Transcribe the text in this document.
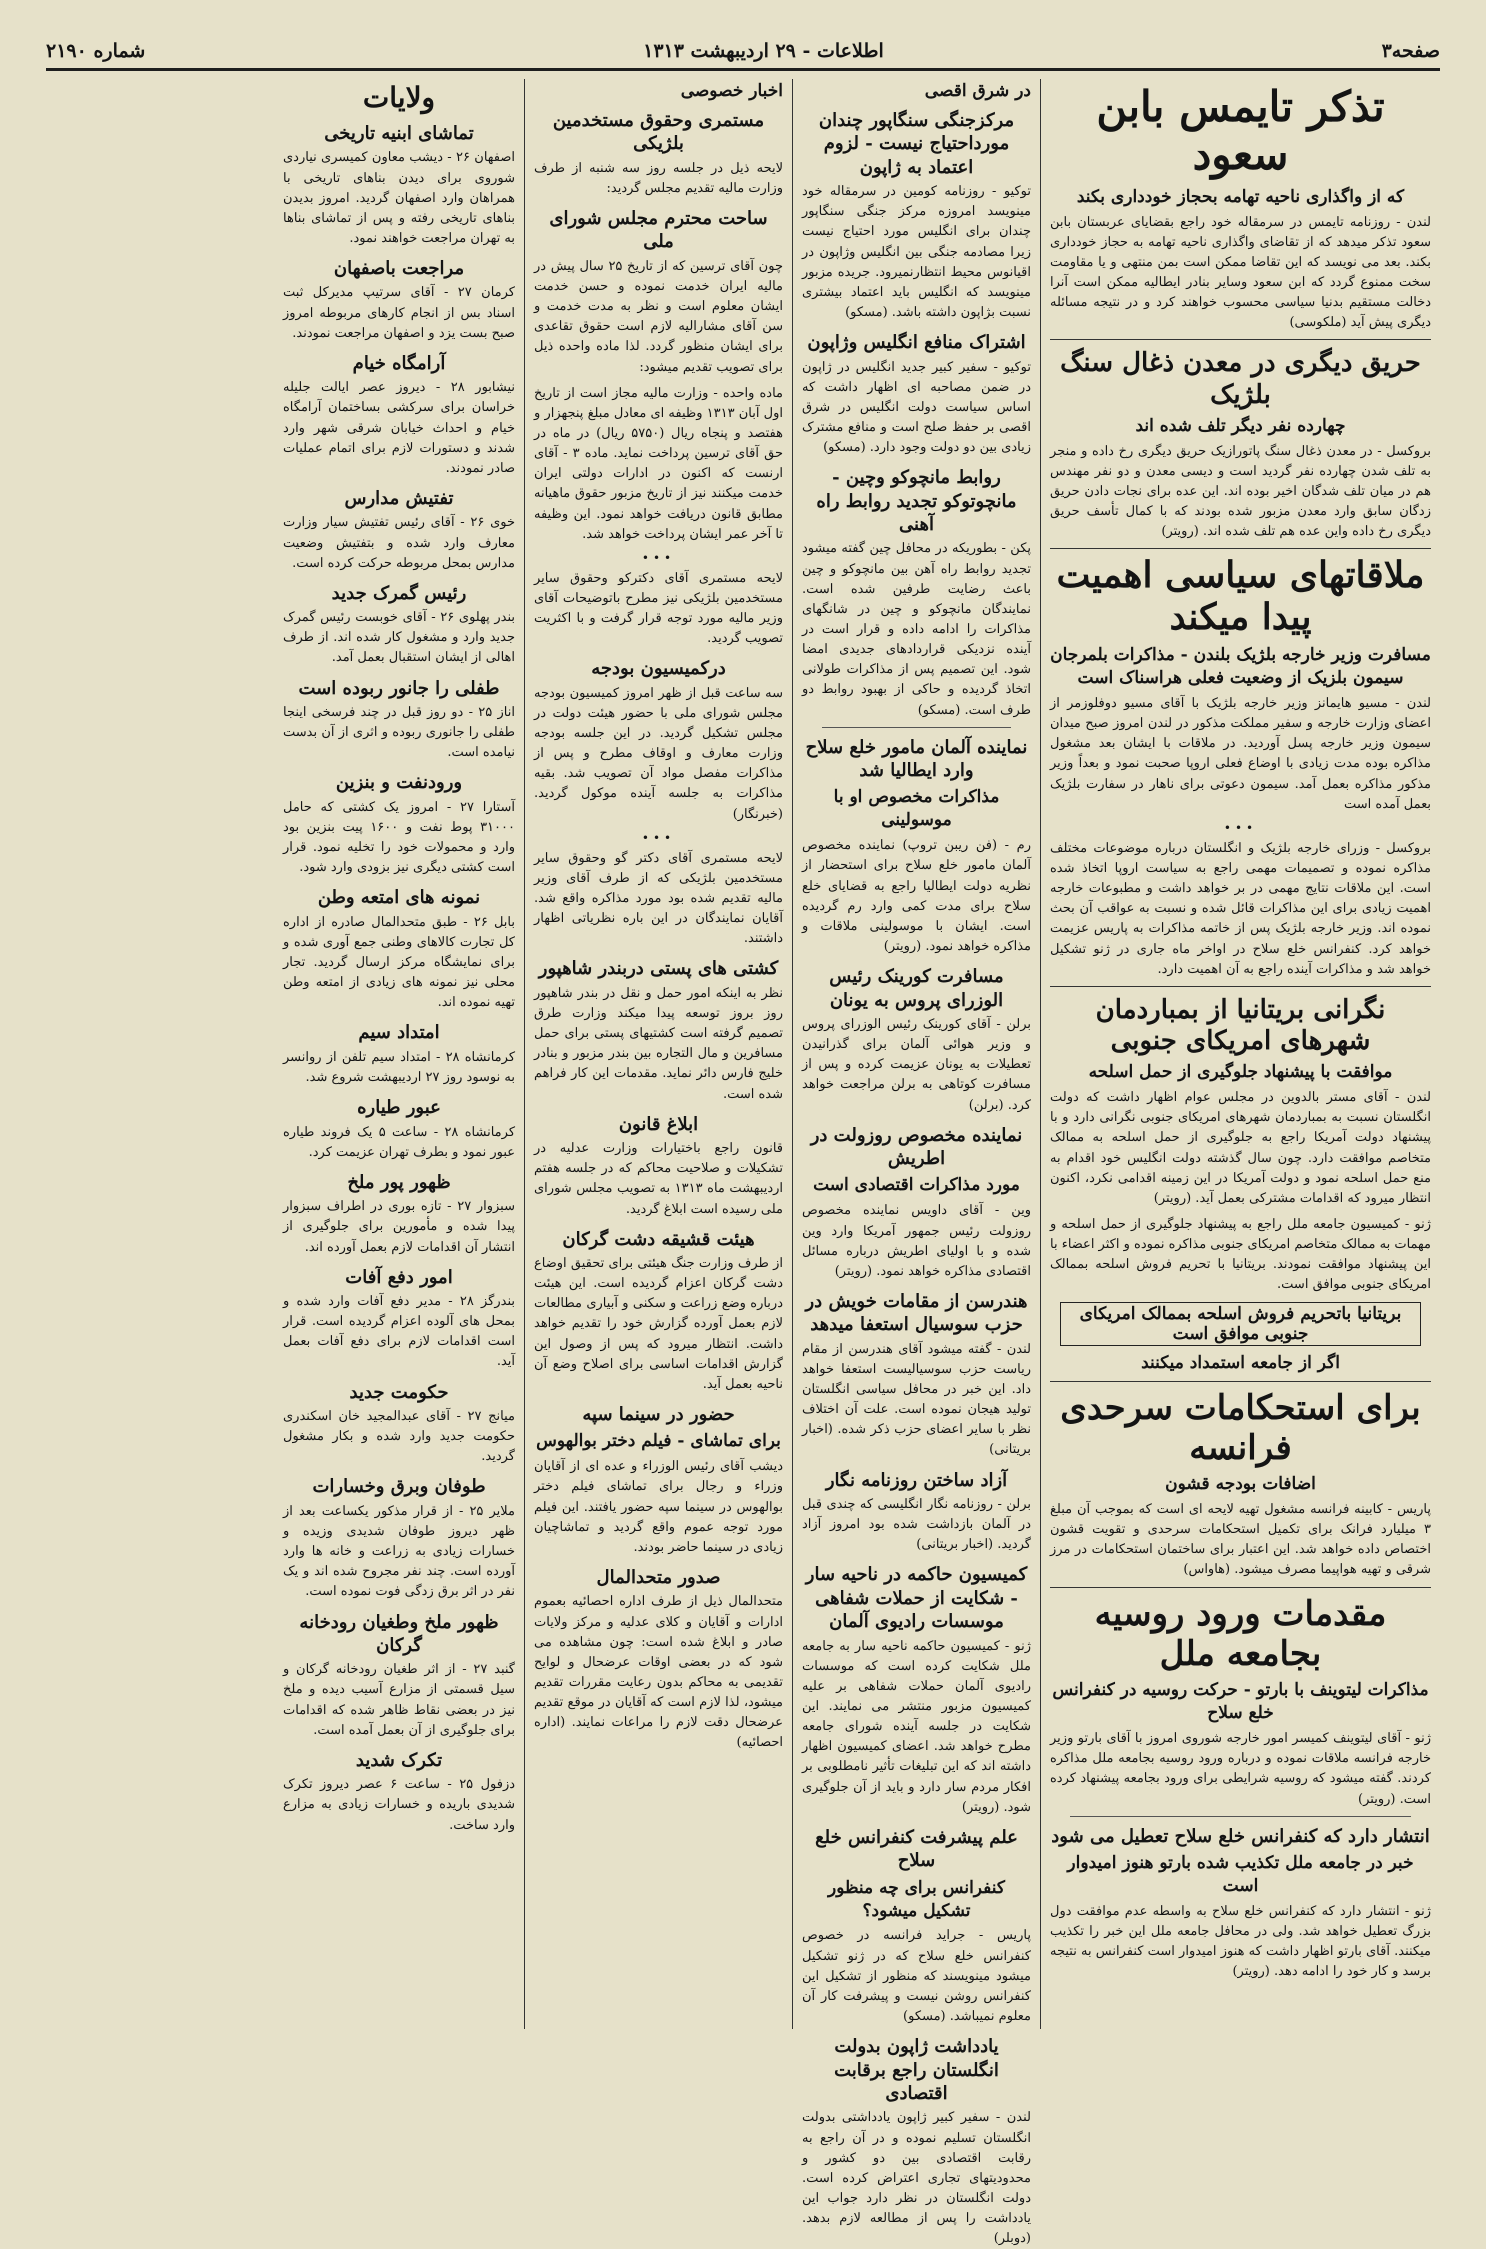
صفحه۳
اطلاعات - ۲۹ اردیبهشت ۱۳۱۳
شماره ۲۱۹۰
تذکر تایمس بابن سعود
که از واگذاری ناحیه تهامه بحجاز خودداری بکند

لندن - روزنامه تایمس در سرمقاله خود راجع بقضایای عربستان بابن سعود تذکر میدهد که از تقاضای واگذاری ناحیه تهامه به حجاز خودداری بکند. بعد می نویسد که این تقاضا ممکن است بمن منتهی و یا مقاومت سخت ممنوع گردد که ابن سعود وسایر بنادر ایطالیه ممکن است آنرا دخالت مستقیم بدنیا سیاسی محسوب خواهند کرد و در نتیجه مسائله دیگری پیش آید (ملکوسی)

حریق دیگری در معدن ذغال سنگ بلژیک
چهارده نفر دیگر تلف شده اند

بروکسل - در معدن ذغال سنگ پاتورازیک حریق دیگری رخ داده و منجر به تلف شدن چهارده نفر گردید است و دیسی معدن و دو نفر مهندس هم در میان تلف شدگان اخیر بوده اند. این عده برای نجات دادن حریق زدگان سابق وارد معدن مزبور شده بودند که با کمال تأسف حریق دیگری رخ داده واین عده هم تلف شده اند. (رویتر)

ملاقاتهای سیاسی اهمیت پیدا میکند
مسافرت وزیر خارجه بلژیک بلندن - مذاکرات بلمرجان سیمون بلزیک از وضعیت فعلی هراسناک است

لندن - مسیو هایمانز وزیر خارجه بلژیک با آقای مسیو دوفلوزمر از اعضای وزارت خارجه و سفیر مملکت مذکور در لندن امروز صبح میدان سیمون وزیر خارجه پسل آوردید. در ملاقات با ایشان بعد مشغول مذاکره بوده مدت زیادی با اوضاع فعلی اروپا صحبت نمود و بعداً وزیر مذکور مذاکره بعمل آمد. سیمون دعوتی برای ناهار در سفارت بلژیک بعمل آمده است

•••

بروکسل - وزرای خارجه بلژیک و انگلستان درباره موضوعات مختلف مذاکره نموده و تصمیمات مهمی راجع به سیاست اروپا اتخاذ شده است. این ملاقات نتایج مهمی در بر خواهد داشت و مطبوعات خارجه اهمیت زیادی برای این مذاکرات قائل شده و نسبت به عواقب آن بحث نموده اند. وزیر خارجه بلژیک پس از خاتمه مذاکرات به پاریس عزیمت خواهد کرد. کنفرانس خلع سلاح در اواخر ماه جاری در ژنو تشکیل خواهد شد و مذاکرات آینده راجع به آن اهمیت دارد.

نگرانی بریتانیا از بمباردمان شهرهای امریکای جنوبی
موافقت با پیشنهاد جلوگیری از حمل اسلحه

لندن - آقای مستر بالدوین در مجلس عوام اظهار داشت که دولت انگلستان نسبت به بمباردمان شهرهای امریکای جنوبی نگرانی دارد و با پیشنهاد دولت آمریکا راجع به جلوگیری از حمل اسلحه به ممالک متخاصم موافقت دارد. چون سال گذشته دولت انگلیس خود اقدام به منع حمل اسلحه نمود و دولت آمریکا در این زمینه اقدامی نکرد، اکنون انتظار میرود که اقدامات مشترکی بعمل آید. (رویتر)

ژنو - کمیسیون جامعه ملل راجع به پیشنهاد جلوگیری از حمل اسلحه و مهمات به ممالک متخاصم امریکای جنوبی مذاکره نموده و اکثر اعضاء با این پیشنهاد موافقت نمودند. بریتانیا با تحریم فروش اسلحه بممالک امریکای جنوبی موافق است.

بریتانیا باتحریم فروش اسلحه بممالک امریکای جنوبی موافق است
اگر از جامعه استمداد میکنند
برای استحکامات سرحدی فرانسه
اضافات بودجه قشون

پاریس - کابینه فرانسه مشغول تهیه لایحه ای است که بموجب آن مبلغ ۳ میلیارد فرانک برای تکمیل استحکامات سرحدی و تقویت قشون اختصاص داده خواهد شد. این اعتبار برای ساختمان استحکامات در مرز شرقی و تهیه هواپیما مصرف میشود. (هاواس)

مقدمات ورود روسیه بجامعه ملل
مذاکرات لیتوینف با بارتو - حرکت روسیه در کنفرانس خلع سلاح

ژنو - آقای لیتوینف کمیسر امور خارجه شوروی امروز با آقای بارتو وزیر خارجه فرانسه ملاقات نموده و درباره ورود روسیه بجامعه ملل مذاکره کردند. گفته میشود که روسیه شرایطی برای ورود بجامعه پیشنهاد کرده است. (رویتر)

انتشار دارد که کنفرانس خلع سلاح تعطیل می شود
خبر در جامعه ملل تکذیب شده بارتو هنوز امیدوار است

ژنو - انتشار دارد که کنفرانس خلع سلاح به واسطه عدم موافقت دول بزرگ تعطیل خواهد شد. ولی در محافل جامعه ملل این خبر را تکذیب میکنند. آقای بارتو اظهار داشت که هنوز امیدوار است کنفرانس به نتیجه برسد و کار خود را ادامه دهد. (رویتر)

در شرق اقصی
مرکزجنگی سنگاپور چندان مورداحتیاج نیست - لزوم اعتماد به ژاپون

توکیو - روزنامه کومین در سرمقاله خود مینویسد امروزه مرکز جنگی سنگاپور چندان برای انگلیس مورد احتیاج نیست زیرا مصادمه جنگی بین انگلیس وژاپون در اقیانوس محیط انتظارنمیرود. جریده مزبور مینویسد که انگلیس باید اعتماد بیشتری نسبت بژاپون داشته باشد. (مسکو)

اشتراک منافع انگلیس وژاپون

توکیو - سفیر کبیر جدید انگلیس در ژاپون در ضمن مصاحبه ای اظهار داشت که اساس سیاست دولت انگلیس در شرق اقصی بر حفظ صلح است و منافع مشترک زیادی بین دو دولت وجود دارد. (مسکو)

روابط مانچوکو وچین - مانچوتوکو تجدید روابط راه آهنی

پکن - بطوریکه در محافل چین گفته میشود تجدید روابط راه آهن بین مانچوکو و چین باعث رضایت طرفین شده است. نمایندگان مانچوکو و چین در شانگهای مذاکرات را ادامه داده و قرار است در آینده نزدیکی قراردادهای جدیدی امضا شود. این تصمیم پس از مذاکرات طولانی اتخاذ گردیده و حاکی از بهبود روابط دو طرف است. (مسکو)

نماینده آلمان مامور خلع سلاح وارد ایطالیا شد
مذاکرات مخصوص او با موسولینی

رم - (فن ریبن تروپ) نماینده مخصوص آلمان مامور خلع سلاح برای استحضار از نظریه دولت ایطالیا راجع به قضایای خلع سلاح برای مدت کمی وارد رم گردیده است. ایشان با موسولینی ملاقات و مذاکره خواهد نمود. (رویتر)

مسافرت کورینک رئیس الوزرای پروس به یونان

برلن - آقای کورینک رئیس الوزرای پروس و وزیر هوائی آلمان برای گذرانیدن تعطیلات به یونان عزیمت کرده و پس از مسافرت کوتاهی به برلن مراجعت خواهد کرد. (برلن)

نماینده مخصوص روزولت در اطریش
مورد مذاکرات اقتصادی است

وین - آقای داویس نماینده مخصوص روزولت رئیس جمهور آمریکا وارد وین شده و با اولیای اطریش درباره مسائل اقتصادی مذاکره خواهد نمود. (رویتر)

هندرسن از مقامات خویش در حزب سوسیال استعفا میدهد

لندن - گفته میشود آقای هندرسن از مقام ریاست حزب سوسیالیست استعفا خواهد داد. این خبر در محافل سیاسی انگلستان تولید هیجان نموده است. علت آن اختلاف نظر با سایر اعضای حزب ذکر شده. (اخبار بریتانی)

آزاد ساختن روزنامه نگار

برلن - روزنامه نگار انگلیسی که چندی قبل در آلمان بازداشت شده بود امروز آزاد گردید. (اخبار بریتانی)

کمیسیون حاکمه در ناحیه سار - شکایت از حملات شفاهی موسسات رادیوی آلمان

ژنو - کمیسیون حاکمه ناحیه سار به جامعه ملل شکایت کرده است که موسسات رادیوی آلمان حملات شفاهی بر علیه کمیسیون مزبور منتشر می نمایند. این شکایت در جلسه آینده شورای جامعه مطرح خواهد شد. اعضای کمیسیون اظهار داشته اند که این تبلیغات تأثیر نامطلوبی بر افکار مردم سار دارد و باید از آن جلوگیری شود. (رویتر)

علم پیشرفت کنفرانس خلع سلاح
کنفرانس برای چه منظور تشکیل میشود؟

پاریس - جراید فرانسه در خصوص کنفرانس خلع سلاح که در ژنو تشکیل میشود مینویسند که منظور از تشکیل این کنفرانس روشن نیست و پیشرفت کار آن معلوم نمیباشد. (مسکو)

یادداشت ژاپون بدولت انگلستان راجع برقابت اقتصادی

لندن - سفیر کبیر ژاپون یادداشتی بدولت انگلستان تسلیم نموده و در آن راجع به رقابت اقتصادی بین دو کشور و محدودیتهای تجاری اعتراض کرده است. دولت انگلستان در نظر دارد جواب این یادداشت را پس از مطالعه لازم بدهد. (دوبلر)

اخبار خصوصی
مستمری وحقوق مستخدمین بلژیکی

لایحه ذیل در جلسه روز سه شنبه از طرف وزارت مالیه تقدیم مجلس گردید:

ساحت محترم مجلس شورای ملی

چون آقای ترسین که از تاریخ ۲۵ سال پیش در مالیه ایران خدمت نموده و حسن خدمت ایشان معلوم است و نظر به مدت خدمت و سن آقای مشارالیه لازم است حقوق تقاعدی برای ایشان منظور گردد. لذا ماده واحده ذیل برای تصویب تقدیم میشود:

ماده واحده - وزارت مالیه مجاز است از تاریخ اول آبان ۱۳۱۳ وظیفه ای معادل مبلغ پنجهزار و هفتصد و پنجاه ریال (۵۷۵۰ ریال) در ماه در حق آقای ترسین پرداخت نماید. ماده ۳ - آقای ارنست که اکنون در ادارات دولتی ایران خدمت میکنند نیز از تاریخ مزبور حقوق ماهیانه مطابق قانون دریافت خواهد نمود. این وظیفه تا آخر عمر ایشان پرداخت خواهد شد.

•••

لایحه مستمری آقای دکترکو وحقوق سایر مستخدمین بلژیکی نیز مطرح باتوضیحات آقای وزیر مالیه مورد توجه قرار گرفت و با اکثریت تصویب گردید.

درکمیسیون بودجه

سه ساعت قبل از ظهر امروز کمیسیون بودجه مجلس شورای ملی با حضور هیئت دولت در مجلس تشکیل گردید. در این جلسه بودجه وزارت معارف و اوقاف مطرح و پس از مذاکرات مفصل مواد آن تصویب شد. بقیه مذاکرات به جلسه آینده موکول گردید. (خبرنگار)

•••

لایحه مستمری آقای دکتر گو وحقوق سایر مستخدمین بلژیکی که از طرف آقای وزیر مالیه تقدیم شده بود مورد مذاکره واقع شد. آقایان نمایندگان در این باره نظریاتی اظهار داشتند.

کشتی های پستی دربندر شاهپور

نظر به اینکه امور حمل و نقل در بندر شاهپور روز بروز توسعه پیدا میکند وزارت طرق تصمیم گرفته است کشتیهای پستی برای حمل مسافرین و مال التجاره بین بندر مزبور و بنادر خلیج فارس دائر نماید. مقدمات این کار فراهم شده است.

ابلاغ قانون

قانون راجع باختیارات وزارت عدلیه در تشکیلات و صلاحیت محاکم که در جلسه هفتم اردیبهشت ماه ۱۳۱۳ به تصویب مجلس شورای ملی رسیده است ابلاغ گردید.

هیئت قشیقه دشت گرکان

از طرف وزارت جنگ هیئتی برای تحقیق اوضاع دشت گرکان اعزام گردیده است. این هیئت درباره وضع زراعت و سکنی و آبیاری مطالعات لازم بعمل آورده گزارش خود را تقدیم خواهد داشت. انتظار میرود که پس از وصول این گزارش اقدامات اساسی برای اصلاح وضع آن ناحیه بعمل آید.

حضور در سینما سپه
برای تماشای - فیلم دختر بوالهوس

دیشب آقای رئیس الوزراء و عده ای از آقایان وزراء و رجال برای تماشای فیلم دختر بوالهوس در سینما سپه حضور یافتند. این فیلم مورد توجه عموم واقع گردید و تماشاچیان زیادی در سینما حاضر بودند.

صدور متحدالمال

متحدالمال ذیل از طرف اداره احصائیه بعموم ادارات و آقایان و کلای عدلیه و مرکز ولایات صادر و ابلاغ شده است: چون مشاهده می شود که در بعضی اوقات عرضحال و لوایح تقدیمی به محاکم بدون رعایت مقررات تقدیم میشود، لذا لازم است که آقایان در موقع تقدیم عرضحال دقت لازم را مراعات نمایند. (اداره احصائیه)

ولایات
تماشای ابنیه تاریخی

اصفهان ۲۶ - دیشب معاون کمیسری نیاردی شوروی برای دیدن بناهای تاریخی با همراهان وارد اصفهان گردید. امروز بدیدن بناهای تاریخی رفته و پس از تماشای بناها به تهران مراجعت خواهند نمود.

مراجعت باصفهان

کرمان ۲۷ - آقای سرتیپ مدیرکل ثبت اسناد بس از انجام کارهای مربوطه امروز صبح بست یزد و اصفهان مراجعت نمودند.

آرامگاه خیام

نیشابور ۲۸ - دیروز عصر ایالت جلیله خراسان برای سرکشی بساختمان آرامگاه خیام و احداث خیابان شرقی شهر وارد شدند و دستورات لازم برای اتمام عملیات صادر نمودند.

تفتیش مدارس

خوی ۲۶ - آقای رئیس تفتیش سیار وزارت معارف وارد شده و بتفتیش وضعیت مدارس بمحل مربوطه حرکت کرده است.

رئیس گمرک جدید

بندر پهلوی ۲۶ - آقای خوبست رئیس گمرک جدید وارد و مشغول کار شده اند. از طرف اهالی از ایشان استقبال بعمل آمد.

طفلی را جانور ربوده است

اناز ۲۵ - دو روز قبل در چند فرسخی اینجا طفلی را جانوری ربوده و اثری از آن بدست نیامده است.

ورودنفت و بنزین

آستارا ۲۷ - امروز یک کشتی که حامل ۳۱۰۰۰ پوط نفت و ۱۶۰۰ پیت بنزین بود وارد و محمولات خود را تخلیه نمود. قرار است کشتی دیگری نیز بزودی وارد شود.

نمونه های امتعه وطن

بابل ۲۶ - طبق متحدالمال صادره از اداره کل تجارت کالاهای وطنی جمع آوری شده و برای نمایشگاه مرکز ارسال گردید. تجار محلی نیز نمونه های زیادی از امتعه وطن تهیه نموده اند.

امتداد سیم

کرمانشاه ۲۸ - امتداد سیم تلفن از روانسر به نوسود روز ۲۷ اردیبهشت شروع شد.

عبور طیاره

کرمانشاه ۲۸ - ساعت ۵ یک فروند طیاره عبور نمود و بطرف تهران عزیمت کرد.

ظهور پور ملخ

سبزوار ۲۷ - تازه بوری در اطراف سبزوار پیدا شده و مأمورین برای جلوگیری از انتشار آن اقدامات لازم بعمل آورده اند.

امور دفع آفات

بندرگز ۲۸ - مدیر دفع آفات وارد شده و بمحل های آلوده اعزام گردیده است. قرار است اقدامات لازم برای دفع آفات بعمل آید.

حکومت جدید

میانج ۲۷ - آقای عبدالمجید خان اسکندری حکومت جدید وارد شده و بکار مشغول گردید.

طوفان وبرق وخسارات

ملایر ۲۵ - از قرار مذکور یکساعت بعد از ظهر دیروز طوفان شدیدی وزیده و خسارات زیادی به زراعت و خانه ها وارد آورده است. چند نفر مجروح شده اند و یک نفر در اثر برق زدگی فوت نموده است.

ظهور ملخ وطغیان رودخانه گرکان

گنبد ۲۷ - از اثر طغیان رودخانه گرکان و سیل قسمتی از مزارع آسیب دیده و ملخ نیز در بعضی نقاط ظاهر شده که اقدامات برای جلوگیری از آن بعمل آمده است.

تکرک شدید

دزفول ۲۵ - ساعت ۶ عصر دیروز تکرک شدیدی باریده و خسارات زیادی به مزارع وارد ساخت.
